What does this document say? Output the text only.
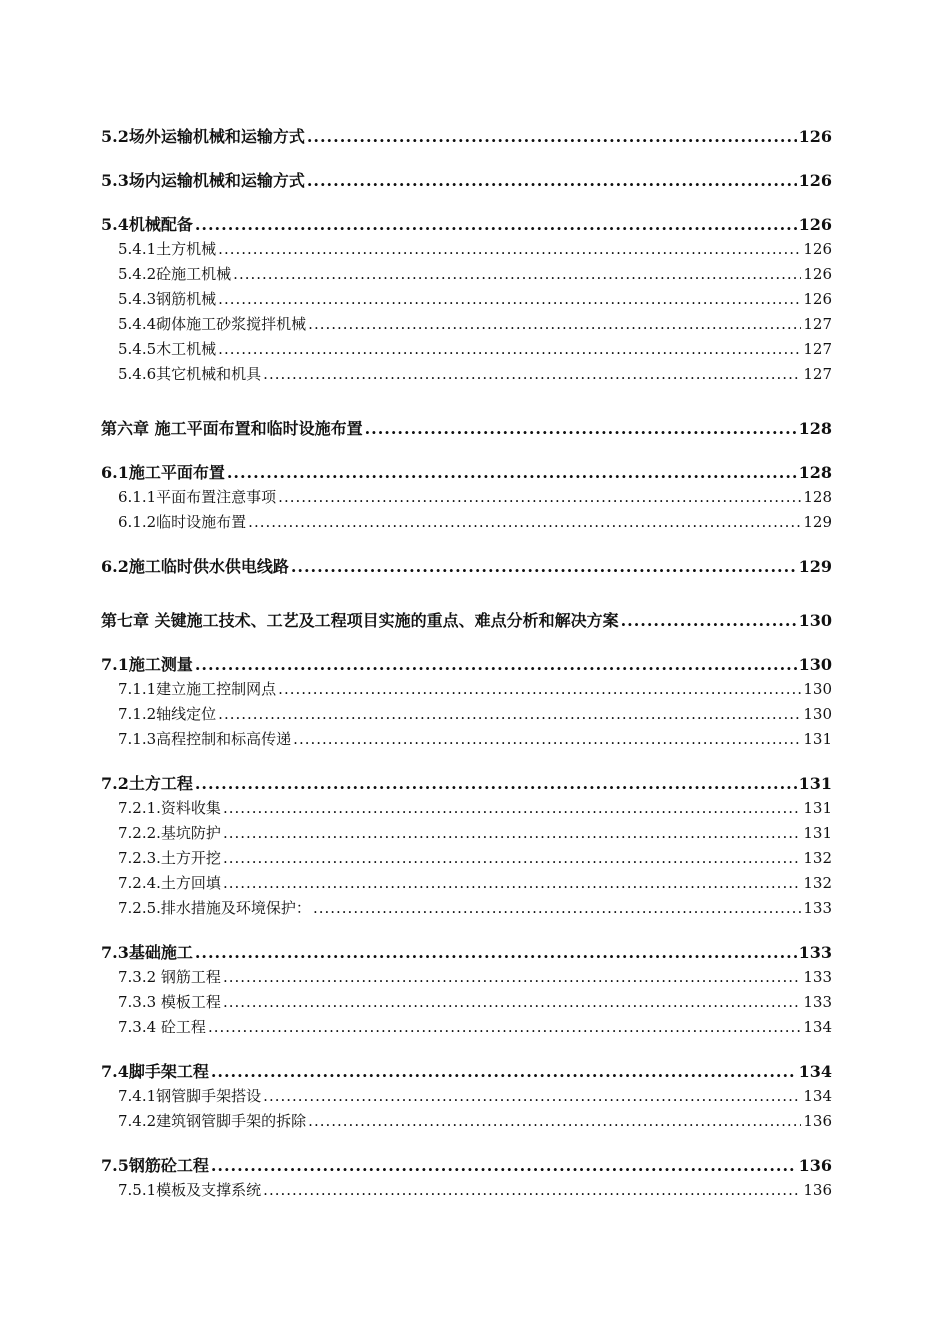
5.2场外运输机械和运输方式 .....	126
5.3场内运输机械和运输方式 .....	126
5.4机械配备 .....	126
5.4.1土方机械 .....	126
5.4.2砼施工机械 .....	126
5.4.3钢筋机械 .....	126
5.4.4砌体施工砂浆搅拌机械 .....	127
5.4.5木工机械 .....	127
5.4.6其它机械和机具 .....	127
第六章 施工平面布置和临时设施布置 .....	128
6.1施工平面布置 .....	128
6.1.1平面布置注意事项 .....	128
6.1.2临时设施布置 .....	129
6.2施工临时供水供电线路 .....	129
第七章 关键施工技术、工艺及工程项目实施的重点、难点分析和解决方案 .....	130
7.1施工测量 .....	130
7.1.1建立施工控制网点 .....	130
7.1.2轴线定位 .....	130
7.1.3高程控制和标高传递 .....	131
7.2土方工程 .....	131
7.2.1.资料收集 .....	131
7.2.2.基坑防护 .....	131
7.2.3.土方开挖 .....	132
7.2.4.土方回填 .....	132
7.2.5.排水措施及环境保护： .....	133
7.3基础施工 .....	133
7.3.2 钢筋工程 .....	133
7.3.3 模板工程 .....	133
7.3.4 砼工程 .....	134
7.4脚手架工程 .....	134
7.4.1钢管脚手架搭设 .....	134
7.4.2建筑钢管脚手架的拆除 .....	136
7.5钢筋砼工程 .....	136
7.5.1模板及支撑系统 .....	136
